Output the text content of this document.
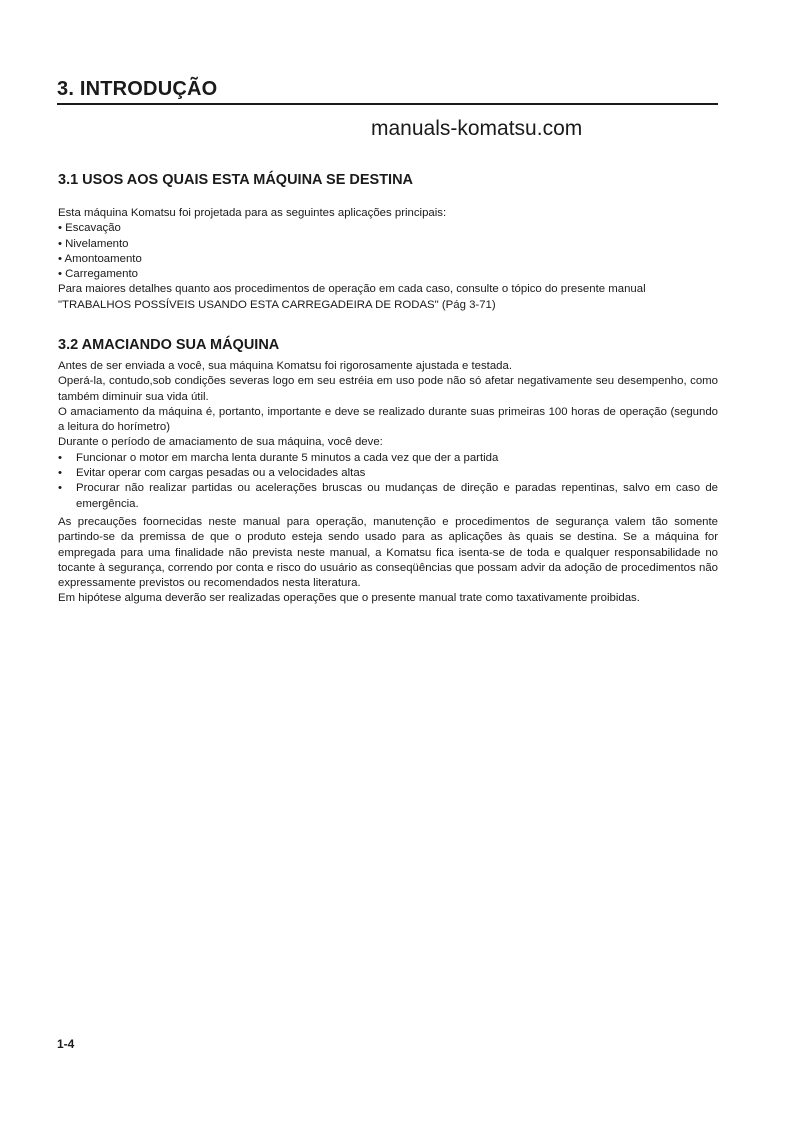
3. INTRODUÇÃO
manuals-komatsu.com
3.1 USOS AOS QUAIS ESTA MÁQUINA SE DESTINA

Esta máquina Komatsu foi projetada para as seguintes aplicações principais:

• Escavação
• Nivelamento
• Amontoamento
• Carregamento

Para maiores detalhes quanto aos procedimentos de operação em cada caso, consulte o tópico do presente manual

"TRABALHOS POSSÍVEIS USANDO ESTA CARREGADEIRA DE RODAS" (Pág 3-71)

3.2 AMACIANDO SUA MÁQUINA

Antes de ser enviada a você, sua máquina Komatsu foi rigorosamente ajustada e testada.

Operá-la, contudo,sob condições severas logo em seu estréia em uso pode não só afetar negativamente seu desempenho, como também diminuir sua vida útil.

O amaciamento da máquina é, portanto, importante e deve se realizado durante suas primeiras 100 horas de operação (segundo a leitura do horímetro)

Durante o período de amaciamento de sua máquina, você deve:

• Funcionar o motor em marcha lenta durante 5 minutos a cada vez que der a partida
• Evitar operar com cargas pesadas ou a velocidades altas
• Procurar não realizar partidas ou acelerações bruscas ou mudanças de direção e paradas repentinas, salvo em caso de emergência.

As precauções foornecidas neste manual para operação, manutenção e procedimentos de segurança valem tão somente partindo-se da premissa de que o produto esteja sendo usado para as aplicações às quais se destina. Se a máquina for empregada para uma finalidade não prevista neste manual, a Komatsu fica isenta-se de toda e qualquer responsabilidade no tocante à segurança, correndo por conta e risco do usuário as conseqüências que possam advir da adoção de procedimentos não expressamente previstos ou recomendados nesta literatura.

Em hipótese alguma deverão ser realizadas operações que o presente manual trate como taxativamente proibidas.

1-4
